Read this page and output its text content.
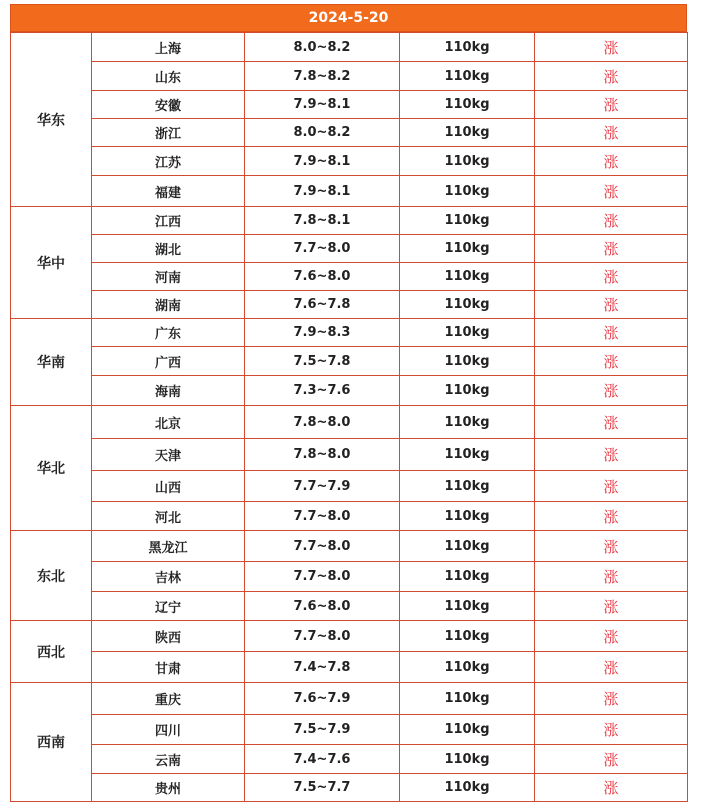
2024-5-20
华东	上海	8.0~8.2	110kg	涨
	山东	7.8~8.2	110kg	涨
	安徽	7.9~8.1	110kg	涨
	浙江	8.0~8.2	110kg	涨
	江苏	7.9~8.1	110kg	涨
	福建	7.9~8.1	110kg	涨
华中	江西	7.8~8.1	110kg	涨
	湖北	7.7~8.0	110kg	涨
	河南	7.6~8.0	110kg	涨
	湖南	7.6~7.8	110kg	涨
华南	广东	7.9~8.3	110kg	涨
	广西	7.5~7.8	110kg	涨
	海南	7.3~7.6	110kg	涨
华北	北京	7.8~8.0	110kg	涨
	天津	7.8~8.0	110kg	涨
	山西	7.7~7.9	110kg	涨
	河北	7.7~8.0	110kg	涨
东北	黑龙江	7.7~8.0	110kg	涨
	吉林	7.7~8.0	110kg	涨
	辽宁	7.6~8.0	110kg	涨
西北	陕西	7.7~8.0	110kg	涨
	甘肃	7.4~7.8	110kg	涨
西南	重庆	7.6~7.9	110kg	涨
	四川	7.5~7.9	110kg	涨
	云南	7.4~7.6	110kg	涨
	贵州	7.5~7.7	110kg	涨
